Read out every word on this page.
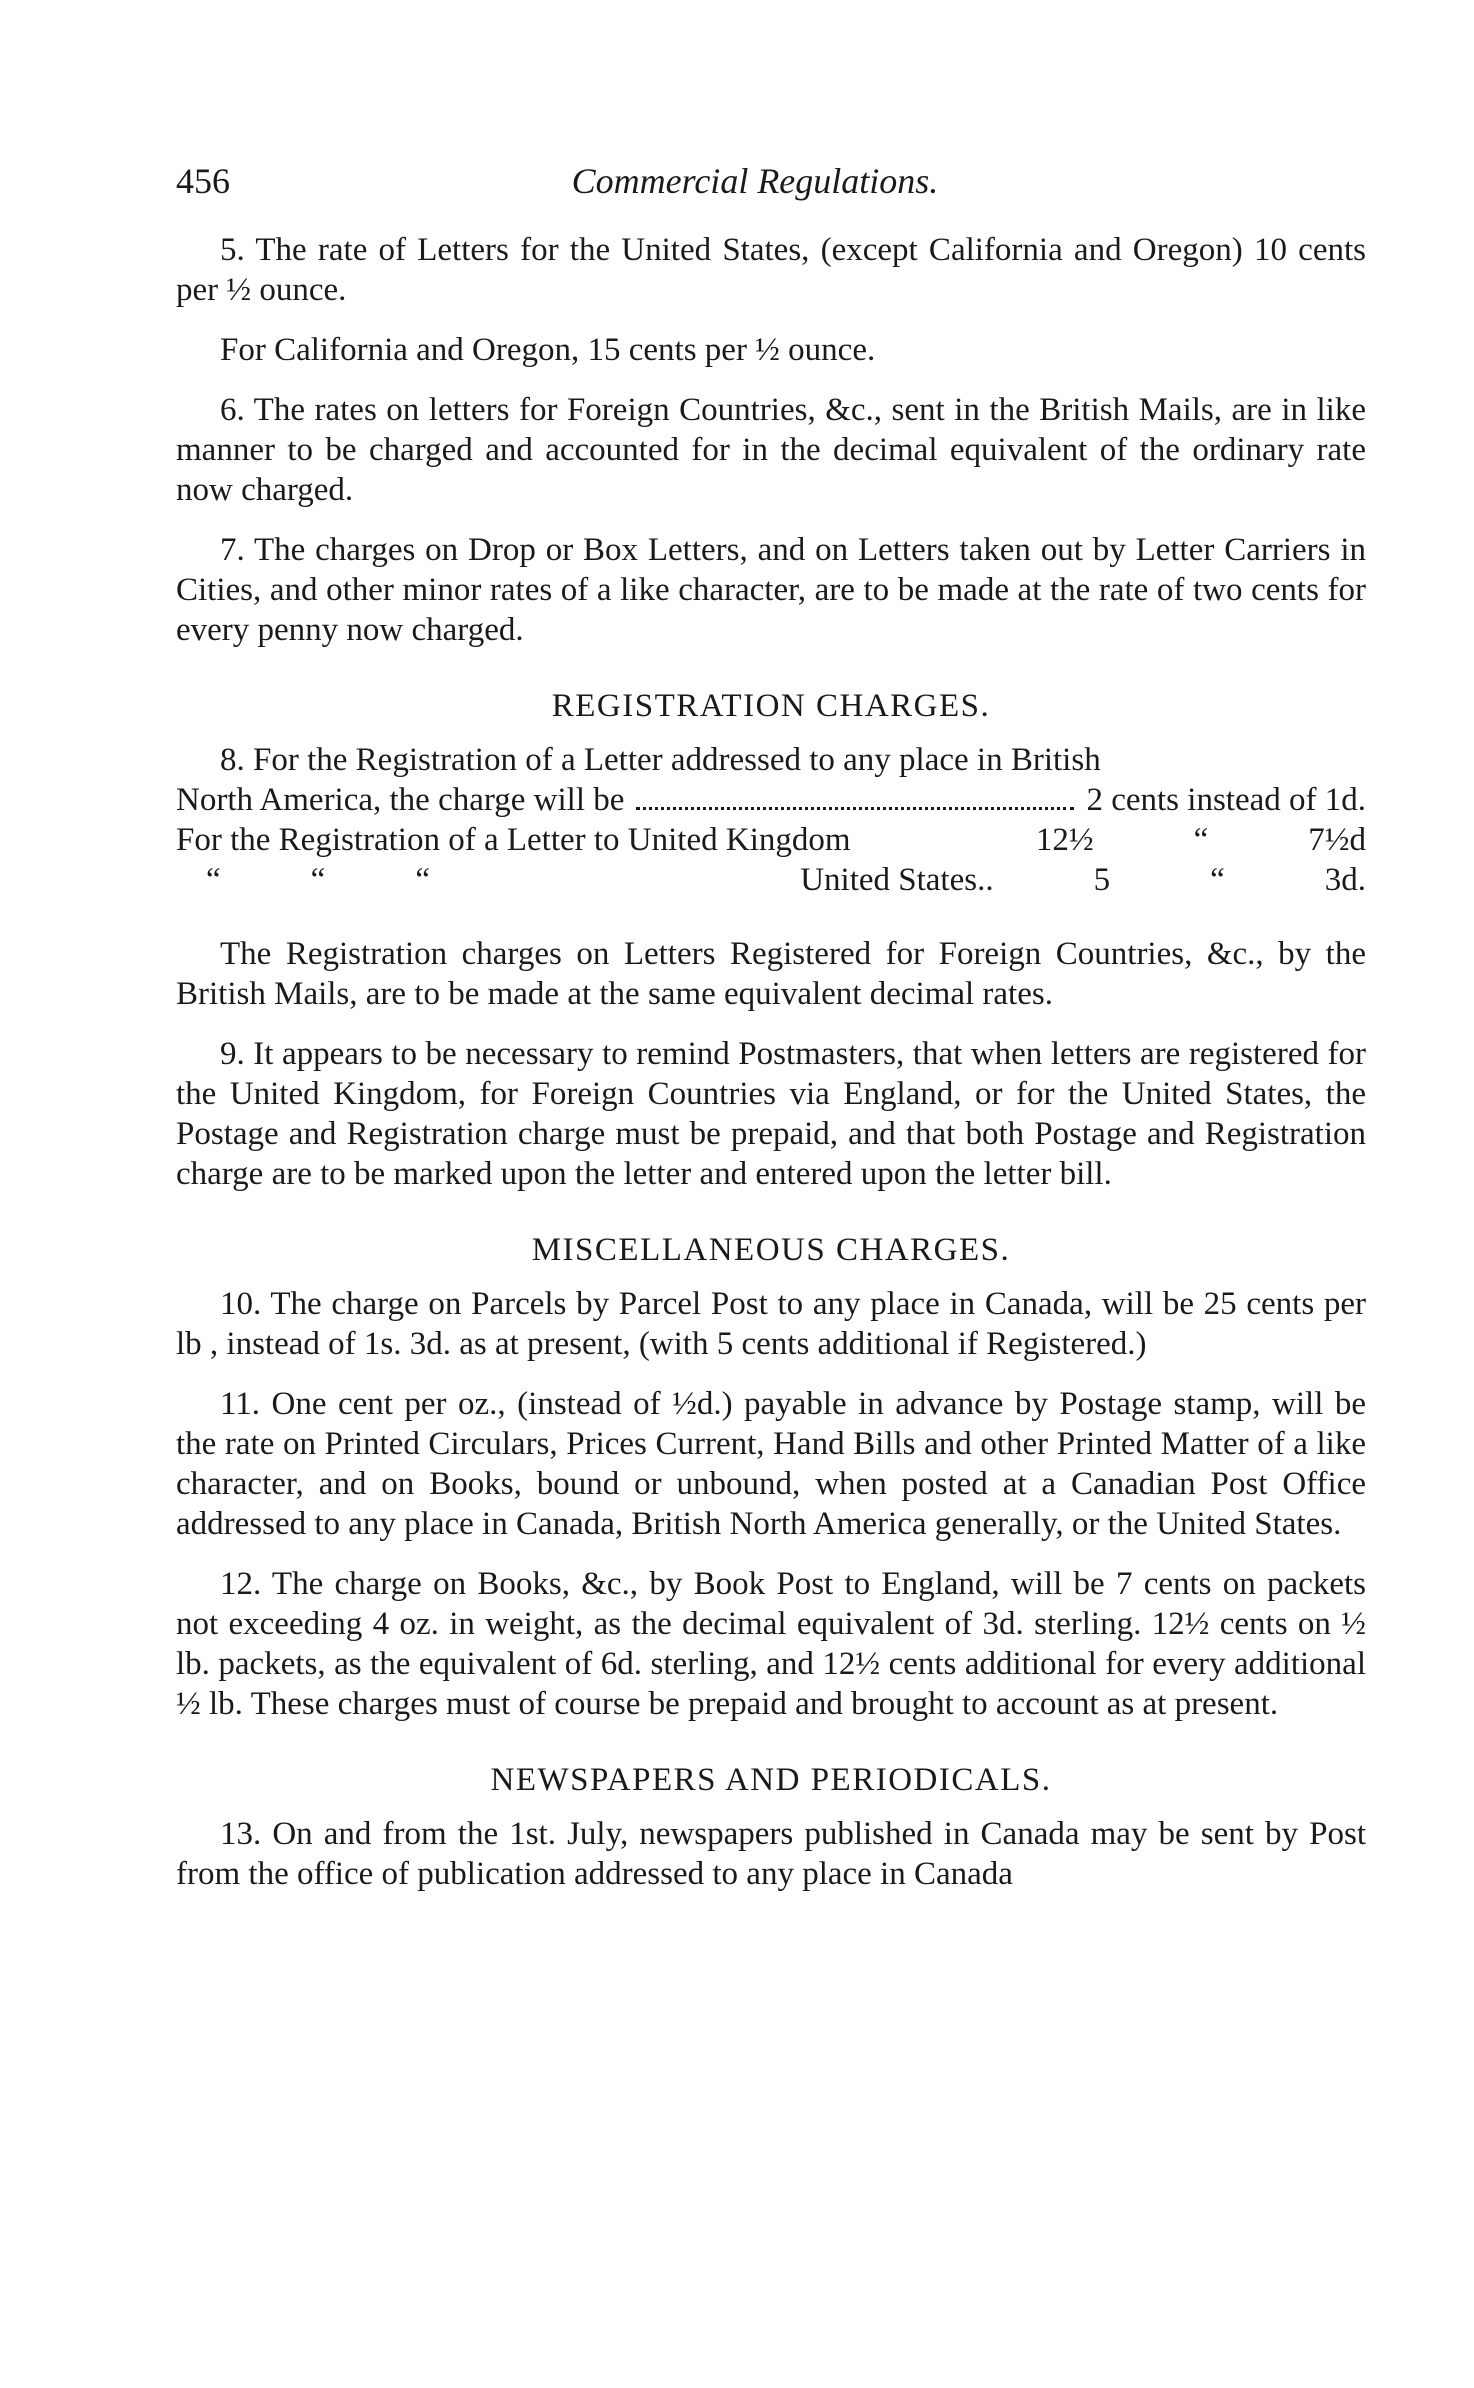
456	Commercial Regulations.

5. The rate of Letters for the United States, (except California and Oregon) 10 cents per ½ ounce.

For California and Oregon, 15 cents per ½ ounce.

6. The rates on letters for Foreign Countries, &c., sent in the British Mails, are in like manner to be charged and accounted for in the decimal equivalent of the ordinary rate now charged.

7. The charges on Drop or Box Letters, and on Letters taken out by Letter Carriers in Cities, and other minor rates of a like character, are to be made at the rate of two cents for every penny now charged.

REGISTRATION CHARGES.

8. For the Registration of a Letter addressed to any place in British

North America, the charge will be	2 cents instead of 1d.
For the Registration of a Letter to United Kingdom	12½	“	7½d
“	“	“	United States..	5	“	3d.

The Registration charges on Letters Registered for Foreign Countries, &c., by the British Mails, are to be made at the same equivalent decimal rates.

9. It appears to be necessary to remind Postmasters, that when letters are registered for the United Kingdom, for Foreign Countries via England, or for the United States, the Postage and Registration charge must be prepaid, and that both Postage and Registration charge are to be marked upon the letter and entered upon the letter bill.

MISCELLANEOUS CHARGES.

10. The charge on Parcels by Parcel Post to any place in Canada, will be 25 cents per lb , instead of 1s. 3d. as at present, (with 5 cents additional if Registered.)

11. One cent per oz., (instead of ½d.) payable in advance by Postage stamp, will be the rate on Printed Circulars, Prices Current, Hand Bills and other Printed Matter of a like character, and on Books, bound or unbound, when posted at a Canadian Post Office addressed to any place in Canada, British North America generally, or the United States.

12. The charge on Books, &c., by Book Post to England, will be 7 cents on packets not exceeding 4 oz. in weight, as the decimal equivalent of 3d. sterling. 12½ cents on ½ lb. packets, as the equivalent of 6d. sterling, and 12½ cents additional for every additional ½ lb. These charges must of course be prepaid and brought to account as at present.

NEWSPAPERS AND PERIODICALS.

13. On and from the 1st. July, newspapers published in Canada may be sent by Post from the office of publication addressed to any place in Canada
